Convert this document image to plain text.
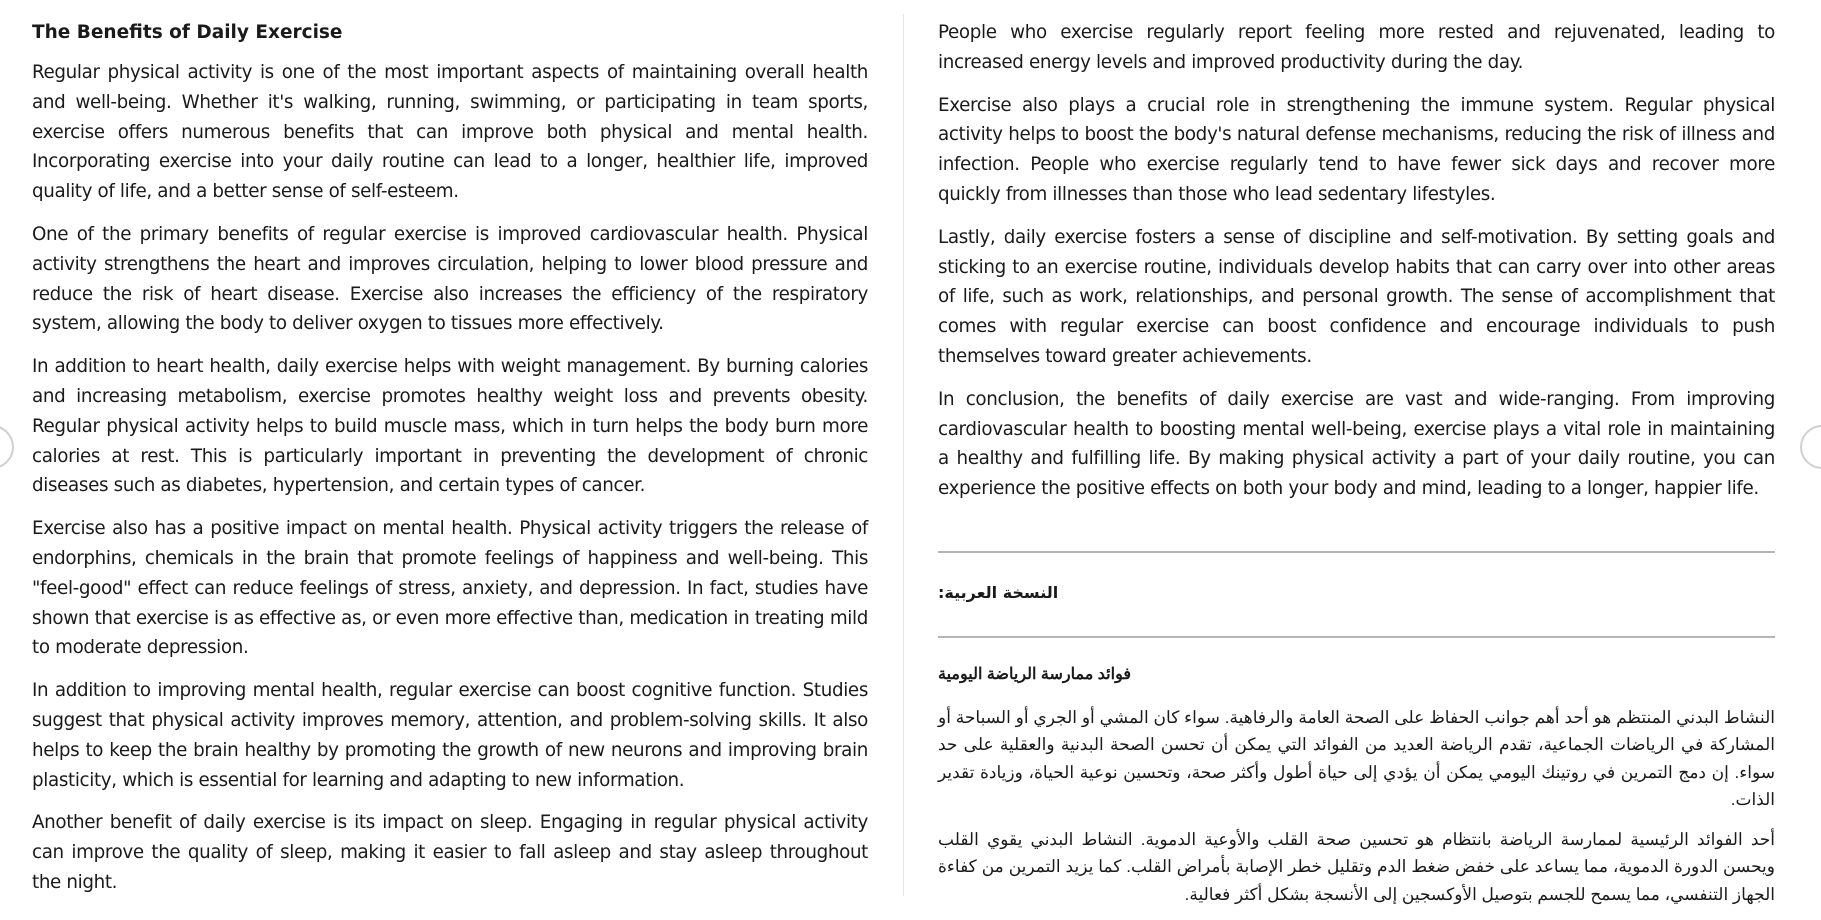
The Benefits of Daily Exercise

Regular physical activity is one of the most important aspects of maintaining overall health and well-being. Whether it's walking, running, swimming, or participating in team sports, exercise offers numerous benefits that can improve both physical and mental health. Incorporating exercise into your daily routine can lead to a longer, healthier life, improved quality of life, and a better sense of self-esteem.

One of the primary benefits of regular exercise is improved cardiovascular health. Physical activity strengthens the heart and improves circulation, helping to lower blood pressure and reduce the risk of heart disease. Exercise also increases the efficiency of the respiratory system, allowing the body to deliver oxygen to tissues more effectively.

In addition to heart health, daily exercise helps with weight management. By burning calories and increasing metabolism, exercise promotes healthy weight loss and prevents obesity. Regular physical activity helps to build muscle mass, which in turn helps the body burn more calories at rest. This is particularly important in preventing the development of chronic diseases such as diabetes, hypertension, and certain types of cancer.

Exercise also has a positive impact on mental health. Physical activity triggers the release of endorphins, chemicals in the brain that promote feelings of happiness and well-being. This "feel-good" effect can reduce feelings of stress, anxiety, and depression. In fact, studies have shown that exercise is as effective as, or even more effective than, medication in treating mild to moderate depression.

In addition to improving mental health, regular exercise can boost cognitive function. Studies suggest that physical activity improves memory, attention, and problem-solving skills. It also helps to keep the brain healthy by promoting the growth of new neurons and improving brain plasticity, which is essential for learning and adapting to new information.

Another benefit of daily exercise is its impact on sleep. Engaging in regular physical activity can improve the quality of sleep, making it easier to fall asleep and stay asleep throughout the night.

People who exercise regularly report feeling more rested and rejuvenated, leading to increased energy levels and improved productivity during the day.

Exercise also plays a crucial role in strengthening the immune system. Regular physical activity helps to boost the body's natural defense mechanisms, reducing the risk of illness and infection. People who exercise regularly tend to have fewer sick days and recover more quickly from illnesses than those who lead sedentary lifestyles.

Lastly, daily exercise fosters a sense of discipline and self-motivation. By setting goals and sticking to an exercise routine, individuals develop habits that can carry over into other areas of life, such as work, relationships, and personal growth. The sense of accomplishment that comes with regular exercise can boost confidence and encourage individuals to push themselves toward greater achievements.

In conclusion, the benefits of daily exercise are vast and wide-ranging. From improving cardiovascular health to boosting mental well-being, exercise plays a vital role in maintaining a healthy and fulfilling life. By making physical activity a part of your daily routine, you can experience the positive effects on both your body and mind, leading to a longer, happier life.

النسخة العربية:
فوائد ممارسة الرياضة اليومية

النشاط البدني المنتظم هو أحد أهم جوانب الحفاظ على الصحة العامة والرفاهية. سواء كان المشي أو الجري أو السباحة أو المشاركة في الرياضات الجماعية، تقدم الرياضة العديد من الفوائد التي يمكن أن تحسن الصحة البدنية والعقلية على حد سواء. إن دمج التمرين في روتينك اليومي يمكن أن يؤدي إلى حياة أطول وأكثر صحة، وتحسين نوعية الحياة، وزيادة تقدير الذات.

أحد الفوائد الرئيسية لممارسة الرياضة بانتظام هو تحسين صحة القلب والأوعية الدموية. النشاط البدني يقوي القلب ويحسن الدورة الدموية، مما يساعد على خفض ضغط الدم وتقليل خطر الإصابة بأمراض القلب. كما يزيد التمرين من كفاءة الجهاز التنفسي، مما يسمح للجسم بتوصيل الأوكسجين إلى الأنسجة بشكل أكثر فعالية.
